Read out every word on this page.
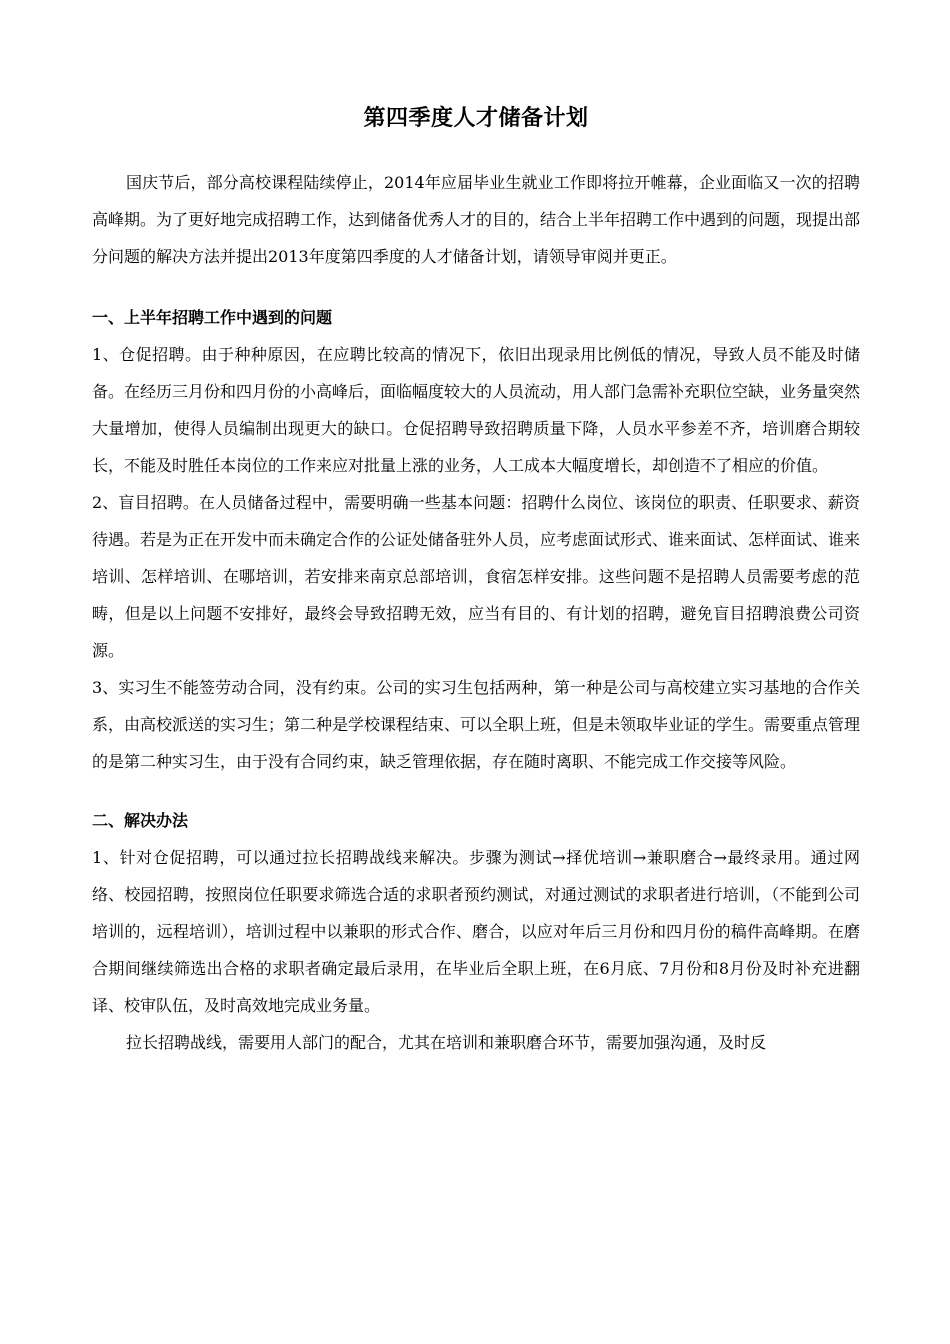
第四季度人才储备计划

国庆节后，部分高校课程陆续停止，2014年应届毕业生就业工作即将拉开帷幕，企业面临又一次的招聘高峰期。为了更好地完成招聘工作，达到储备优秀人才的目的，结合上半年招聘工作中遇到的问题，现提出部分问题的解决方法并提出2013年度第四季度的人才储备计划，请领导审阅并更正。

一、上半年招聘工作中遇到的问题

1、仓促招聘。由于种种原因，在应聘比较高的情况下，依旧出现录用比例低的情况，导致人员不能及时储备。在经历三月份和四月份的小高峰后，面临幅度较大的人员流动，用人部门急需补充职位空缺，业务量突然大量增加，使得人员编制出现更大的缺口。仓促招聘导致招聘质量下降，人员水平参差不齐，培训磨合期较长，不能及时胜任本岗位的工作来应对批量上涨的业务，人工成本大幅度增长，却创造不了相应的价值。

2、盲目招聘。在人员储备过程中，需要明确一些基本问题：招聘什么岗位、该岗位的职责、任职要求、薪资待遇。若是为正在开发中而未确定合作的公证处储备驻外人员，应考虑面试形式、谁来面试、怎样面试、谁来培训、怎样培训、在哪培训，若安排来南京总部培训，食宿怎样安排。这些问题不是招聘人员需要考虑的范畴，但是以上问题不安排好，最终会导致招聘无效，应当有目的、有计划的招聘，避免盲目招聘浪费公司资源。

3、实习生不能签劳动合同，没有约束。公司的实习生包括两种，第一种是公司与高校建立实习基地的合作关系，由高校派送的实习生；第二种是学校课程结束、可以全职上班，但是未领取毕业证的学生。需要重点管理的是第二种实习生，由于没有合同约束，缺乏管理依据，存在随时离职、不能完成工作交接等风险。

二、解决办法

1、针对仓促招聘，可以通过拉长招聘战线来解决。步骤为测试→择优培训→兼职磨合→最终录用。通过网络、校园招聘，按照岗位任职要求筛选合适的求职者预约测试，对通过测试的求职者进行培训，（不能到公司培训的，远程培训），培训过程中以兼职的形式合作、磨合，以应对年后三月份和四月份的稿件高峰期。在磨合期间继续筛选出合格的求职者确定最后录用，在毕业后全职上班，在6月底、7月份和8月份及时补充进翻译、校审队伍，及时高效地完成业务量。

拉长招聘战线，需要用人部门的配合，尤其在培训和兼职磨合环节，需要加强沟通，及时反
